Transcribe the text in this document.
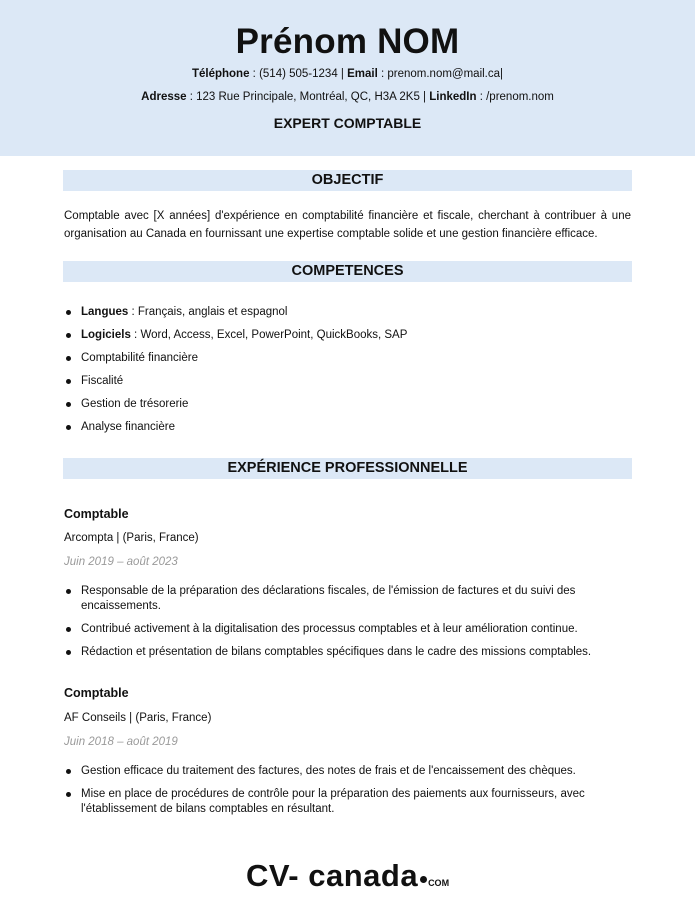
Prénom NOM
Téléphone : (514) 505-1234 | Email : prenom.nom@mail.ca|
Adresse : 123 Rue Principale, Montréal, QC, H3A 2K5 | LinkedIn : /prenom.nom
EXPERT COMPTABLE
OBJECTIF
Comptable avec [X années] d'expérience en comptabilité financière et fiscale, cherchant à contribuer à une organisation au Canada en fournissant une expertise comptable solide et une gestion financière efficace.
COMPETENCES
Langues : Français, anglais et espagnol
Logiciels : Word, Access, Excel, PowerPoint, QuickBooks, SAP
Comptabilité financière
Fiscalité
Gestion de trésorerie
Analyse financière
EXPÉRIENCE PROFESSIONNELLE
Comptable
Arcompta | (Paris, France)
Juin 2019 – août 2023
Responsable de la préparation des déclarations fiscales, de l'émission de factures et du suivi des encaissements.
Contribué activement à la digitalisation des processus comptables et à leur amélioration continue.
Rédaction et présentation de bilans comptables spécifiques dans le cadre des missions comptables.
Comptable
AF Conseils | (Paris, France)
Juin 2018 – août 2019
Gestion efficace du traitement des factures, des notes de frais et de l'encaissement des chèques.
Mise en place de procédures de contrôle pour la préparation des paiements aux fournisseurs, avec l'établissement de bilans comptables en résultant.
CV- canada COM
